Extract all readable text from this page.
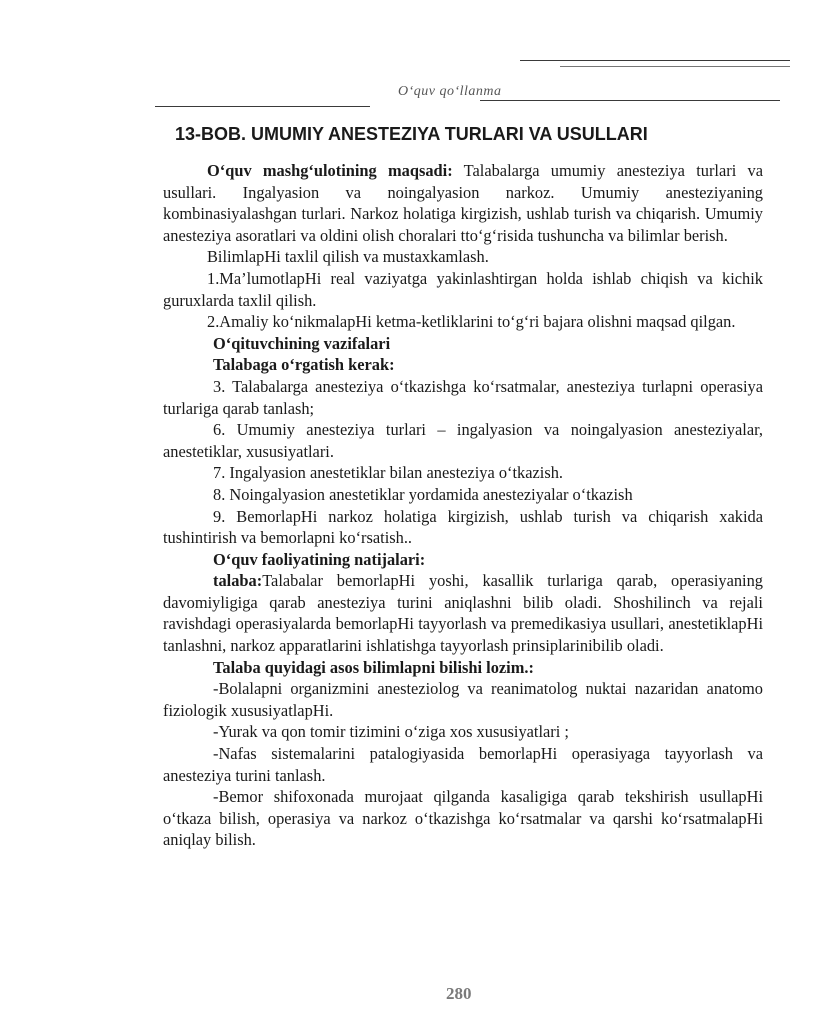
O‘quv qo‘llanma
13-BOB. UMUMIY ANESTEZIYA TURLARI VA USULLARI

O‘quv mashg‘ulotining maqsadi: Talabalarga umumiy anesteziya turlari va usullari. Ingalyasion va noingalyasion narkoz. Umumiy anesteziyaning kombinasiyalashgan turlari. Narkoz holatiga kirgizish, ushlab turish va chiqarish. Umumiy anesteziya asoratlari va oldini olish choralari tto‘g‘risida tushuncha va bilimlar berish.

BilimlapHi taxlil qilish va mustaxkamlash.

1.Ma’lumotlapHi real vaziyatga yakinlashtirgan holda ishlab chiqish va kichik guruxlarda taxlil qilish.

2.Amaliy ko‘nikmalapHi ketma-ketliklarini to‘g‘ri bajara olishni maqsad qilgan.

O‘qituvchining vazifalari

Talabaga o‘rgatish kerak:

3. Talabalarga anesteziya o‘tkazishga ko‘rsatmalar, anesteziya turlapni operasiya turlariga qarab tanlash;

6. Umumiy anesteziya turlari – ingalyasion va noingalyasion anesteziyalar, anestetiklar, xususiyatlari.

7. Ingalyasion anestetiklar bilan anesteziya o‘tkazish.

8. Noingalyasion anestetiklar yordamida anesteziyalar o‘tkazish

9. BemorlapHi narkoz holatiga kirgizish, ushlab turish va chiqarish xakida tushintirish va bemorlapni ko‘rsatish..

O‘quv faoliyatining natijalari:

talaba:Talabalar bemorlapHi yoshi, kasallik turlariga qarab, operasiyaning davomiyligiga qarab anesteziya turini aniqlashni bilib oladi. Shoshilinch va rejali ravishdagi operasiyalarda bemorlapHi tayyorlash va premedikasiya usullari, anestetiklapHi tanlashni, narkoz apparatlarini ishlatishga tayyorlash prinsiplarinibilib oladi.

Talaba quyidagi asos bilimlapni bilishi lozim.:

-Bolalapni organizmini anesteziolog va reanimatolog nuktai nazaridan anatomo fiziologik xususiyatlapHi.

-Yurak va qon tomir tizimini o‘ziga xos xususiyatlari ;

-Nafas sistemalarini patalogiyasida bemorlapHi operasiyaga tayyorlash va anesteziya turini tanlash.

-Bemor shifoxonada murojaat qilganda kasaligiga qarab tekshirish usullapHi o‘tkaza bilish, operasiya va narkoz o‘tkazishga ko‘rsatmalar va qarshi ko‘rsatmalapHi aniqlay bilish.

280
